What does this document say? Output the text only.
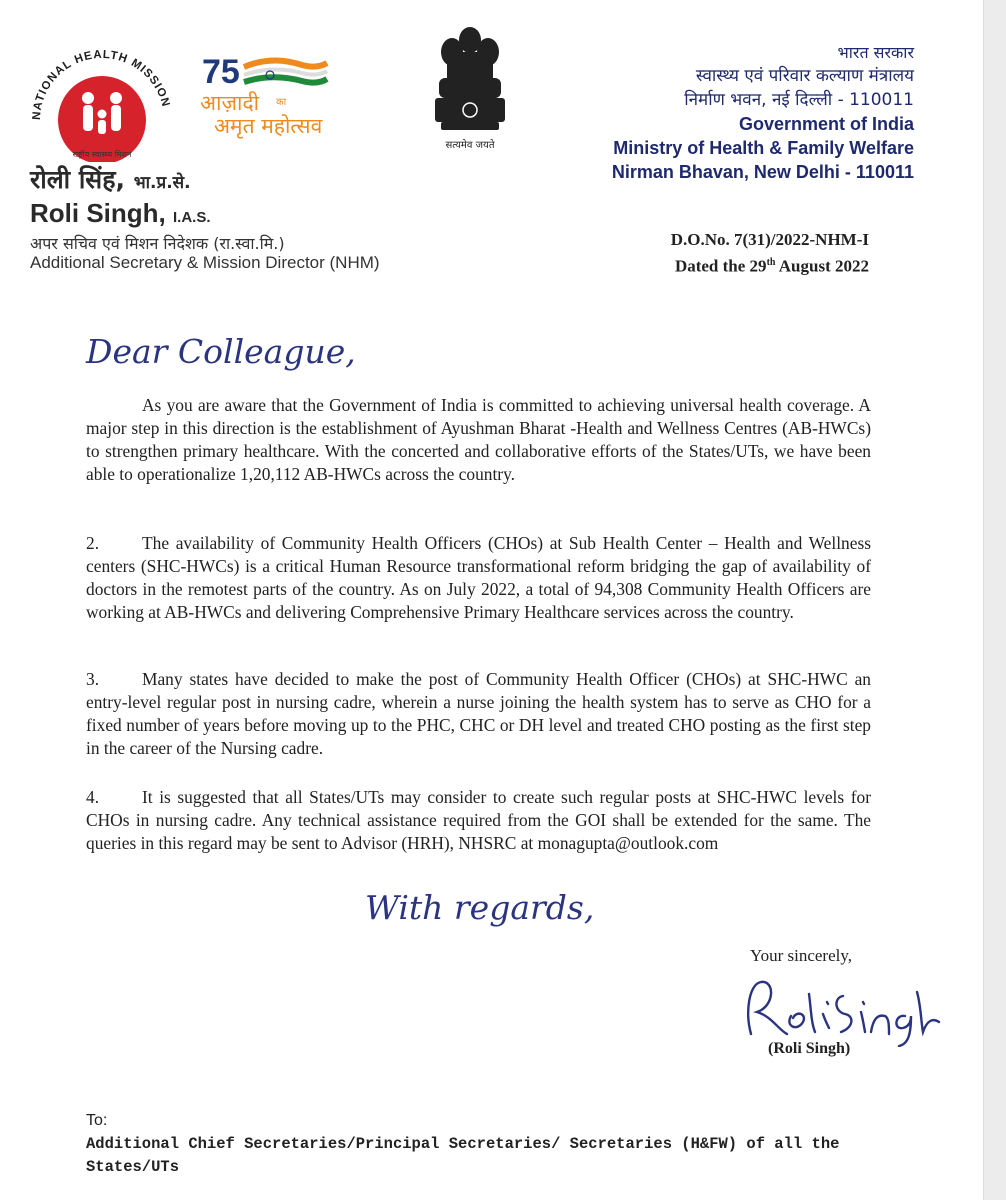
NATIONAL HEALTH MISSION
राष्ट्रीय स्वास्थ्य मिशन
75
आज़ादी का
अमृत महोत्सव
सत्यमेव जयते
रोली सिंह, भा.प्र.से.
Roli Singh, I.A.S.
अपर सचिव एवं मिशन निदेशक (रा.स्वा.मि.)
Additional Secretary & Mission Director (NHM)
भारत सरकार
स्वास्थ्य एवं परिवार कल्याण मंत्रालय
निर्माण भवन, नई दिल्ली - 110011
Government of India
Ministry of Health & Family Welfare
Nirman Bhavan, New Delhi - 110011
D.O.No. 7(31)/2022-NHM-I
Dated the 29th August 2022
Dear Colleague,
As you are aware that the Government of India is committed to achieving universal health coverage. A major step in this direction is the establishment of Ayushman Bharat -Health and Wellness Centres (AB-HWCs) to strengthen primary healthcare. With the concerted and collaborative efforts of the States/UTs, we have been able to operationalize 1,20,112 AB-HWCs across the country.
2. The availability of Community Health Officers (CHOs) at Sub Health Center – Health and Wellness centers (SHC-HWCs) is a critical Human Resource transformational reform bridging the gap of availability of doctors in the remotest parts of the country. As on July 2022, a total of 94,308 Community Health Officers are working at AB-HWCs and delivering Comprehensive Primary Healthcare services across the country.
3. Many states have decided to make the post of Community Health Officer (CHOs) at SHC-HWC an entry-level regular post in nursing cadre, wherein a nurse joining the health system has to serve as CHO for a fixed number of years before moving up to the PHC, CHC or DH level and treated CHO posting as the first step in the career of the Nursing cadre.
4. It is suggested that all States/UTs may consider to create such regular posts at SHC-HWC levels for CHOs in nursing cadre. Any technical assistance required from the GOI shall be extended for the same. The queries in this regard may be sent to Advisor (HRH), NHSRC at monagupta@outlook.com
With regards,
Your sincerely,
(Roli Singh)
To:
Additional Chief Secretaries/Principal Secretaries/ Secretaries (H&FW) of all the States/UTs
